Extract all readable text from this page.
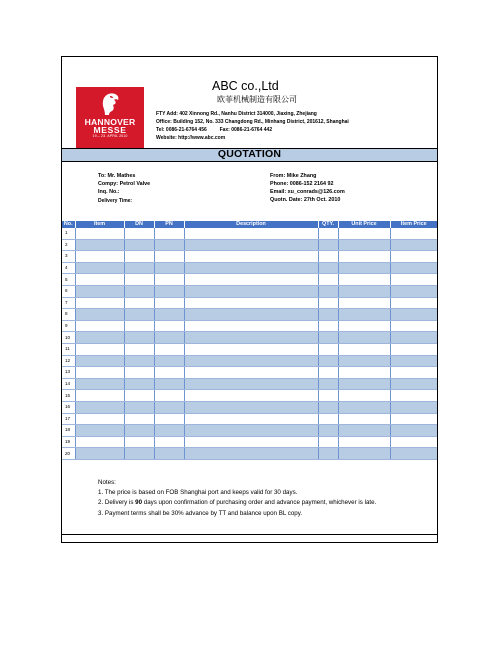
HANNOVER
MESSE
19.– 23. APRIL 2010
ABC co.,Ltd
欧菲机械制造有限公司
FTY Add: 402 Xinnong Rd., Nanhu District 314000, Jiaxing, Zhejiang
Office: Building 152, No. 333 Changdong Rd., Minhang District, 201612, Shanghai
Tel: 0086-21-6764 456	Fax: 0086-21-6764 442
Website: http://www.abc.com
QUOTATION
To: Mr. Mathes
Compy: Petrol Valve
Inq. No.:
Delivery Time:
From: Mike Zhang
Phone: 0086-152 2164 92
Email: xu_conrads@126.com
Quotn. Date: 27th Oct. 2010
No.	Item	DN	PN	Description	QTY.	Unit Price	Item Price
1							
2							
3							
4							
5							
6							
7							
8							
9							
10							
11							
12							
13							
14							
15							
16							
17							
18							
19							
20							
Notes:
1. The price is based on FOB Shanghai port and keeps valid for 30 days.
2. Delivery is 90 days upon confirmation of purchasing order and advance payment, whichever is late.
3. Payment terms shall be 30% advance by TT and balance upon BL copy.
